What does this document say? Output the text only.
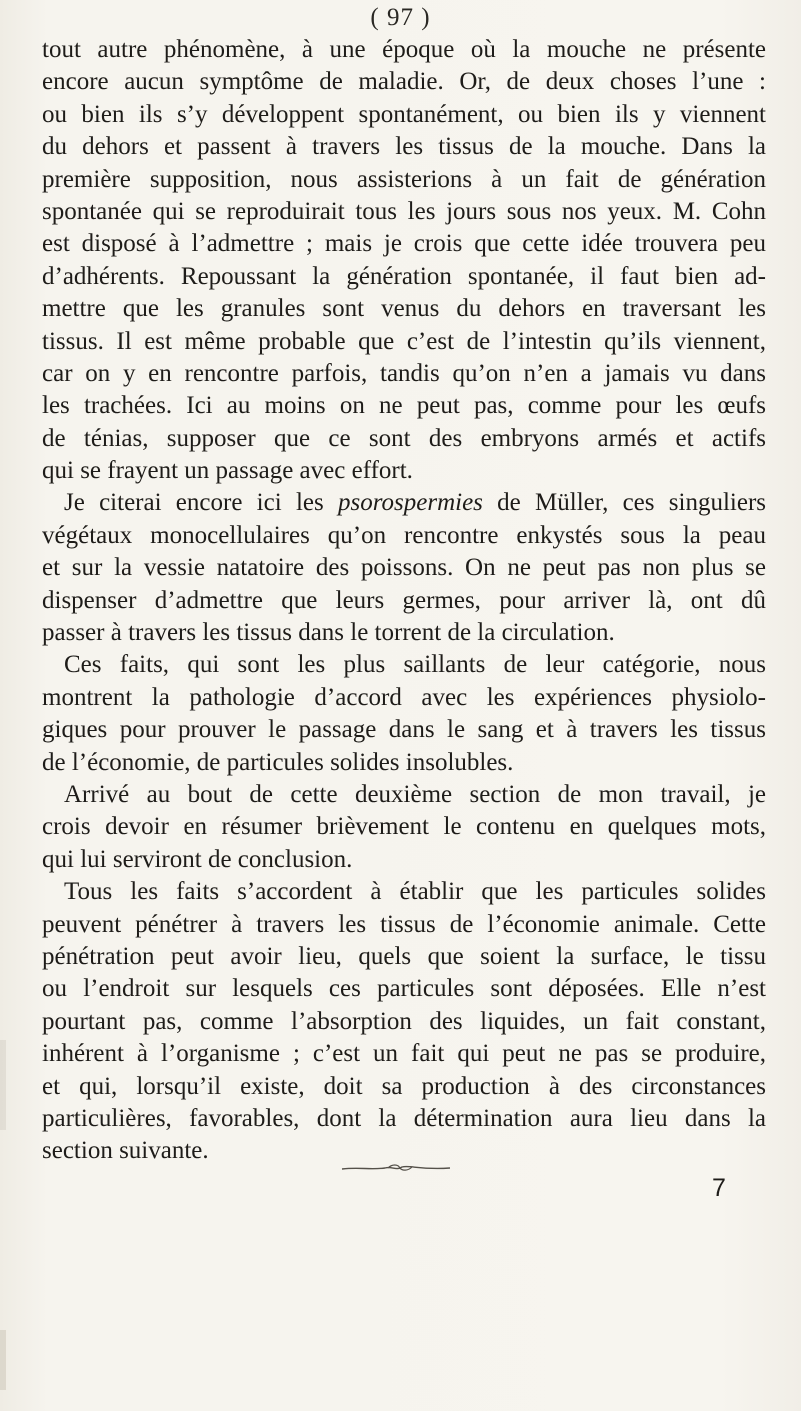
( 97 )
tout autre phénomène, à une époque où la mouche ne présente
encore aucun symptôme de maladie. Or, de deux choses l’une :
ou bien ils s’y développent spontanément, ou bien ils y viennent
du dehors et passent à travers les tissus de la mouche. Dans la
première supposition, nous assisterions à un fait de génération
spontanée qui se reproduirait tous les jours sous nos yeux. M. Cohn
est disposé à l’admettre ; mais je crois que cette idée trouvera peu
d’adhérents. Repoussant la génération spontanée, il faut bien ad-
mettre que les granules sont venus du dehors en traversant les
tissus. Il est même probable que c’est de l’intestin qu’ils viennent,
car on y en rencontre parfois, tandis qu’on n’en a jamais vu dans
les trachées. Ici au moins on ne peut pas, comme pour les œufs
de ténias, supposer que ce sont des embryons armés et actifs
qui se frayent un passage avec effort.
Je citerai encore ici les psorospermies de Müller, ces singuliers
végétaux monocellulaires qu’on rencontre enkystés sous la peau
et sur la vessie natatoire des poissons. On ne peut pas non plus se
dispenser d’admettre que leurs germes, pour arriver là, ont dû
passer à travers les tissus dans le torrent de la circulation.
Ces faits, qui sont les plus saillants de leur catégorie, nous
montrent la pathologie d’accord avec les expériences physiolo-
giques pour prouver le passage dans le sang et à travers les tissus
de l’économie, de particules solides insolubles.
Arrivé au bout de cette deuxième section de mon travail, je
crois devoir en résumer brièvement le contenu en quelques mots,
qui lui serviront de conclusion.
Tous les faits s’accordent à établir que les particules solides
peuvent pénétrer à travers les tissus de l’économie animale. Cette
pénétration peut avoir lieu, quels que soient la surface, le tissu
ou l’endroit sur lesquels ces particules sont déposées. Elle n’est
pourtant pas, comme l’absorption des liquides, un fait constant,
inhérent à l’organisme ; c’est un fait qui peut ne pas se produire,
et qui, lorsqu’il existe, doit sa production à des circonstances
particulières, favorables, dont la détermination aura lieu dans la
section suivante.
7
